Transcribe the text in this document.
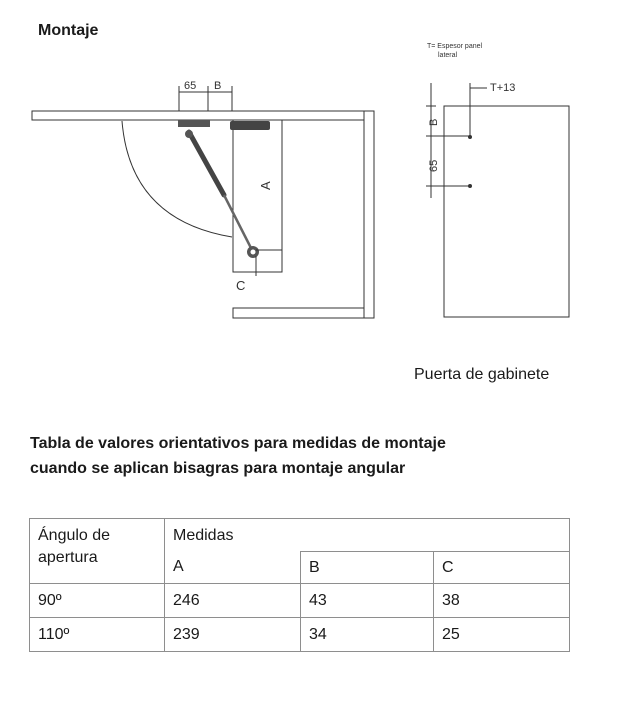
Montaje
65 B
A
C
T= Espesor panel
lateral
T+13
B
65
Puerta de gabinete
Tabla de valores orientativos para medidas de montaje
cuando se aplican bisagras para montaje angular
Ángulo de apertura	Medidas		
	A	B	C
90º	246	43	38
110º	239	34	25
